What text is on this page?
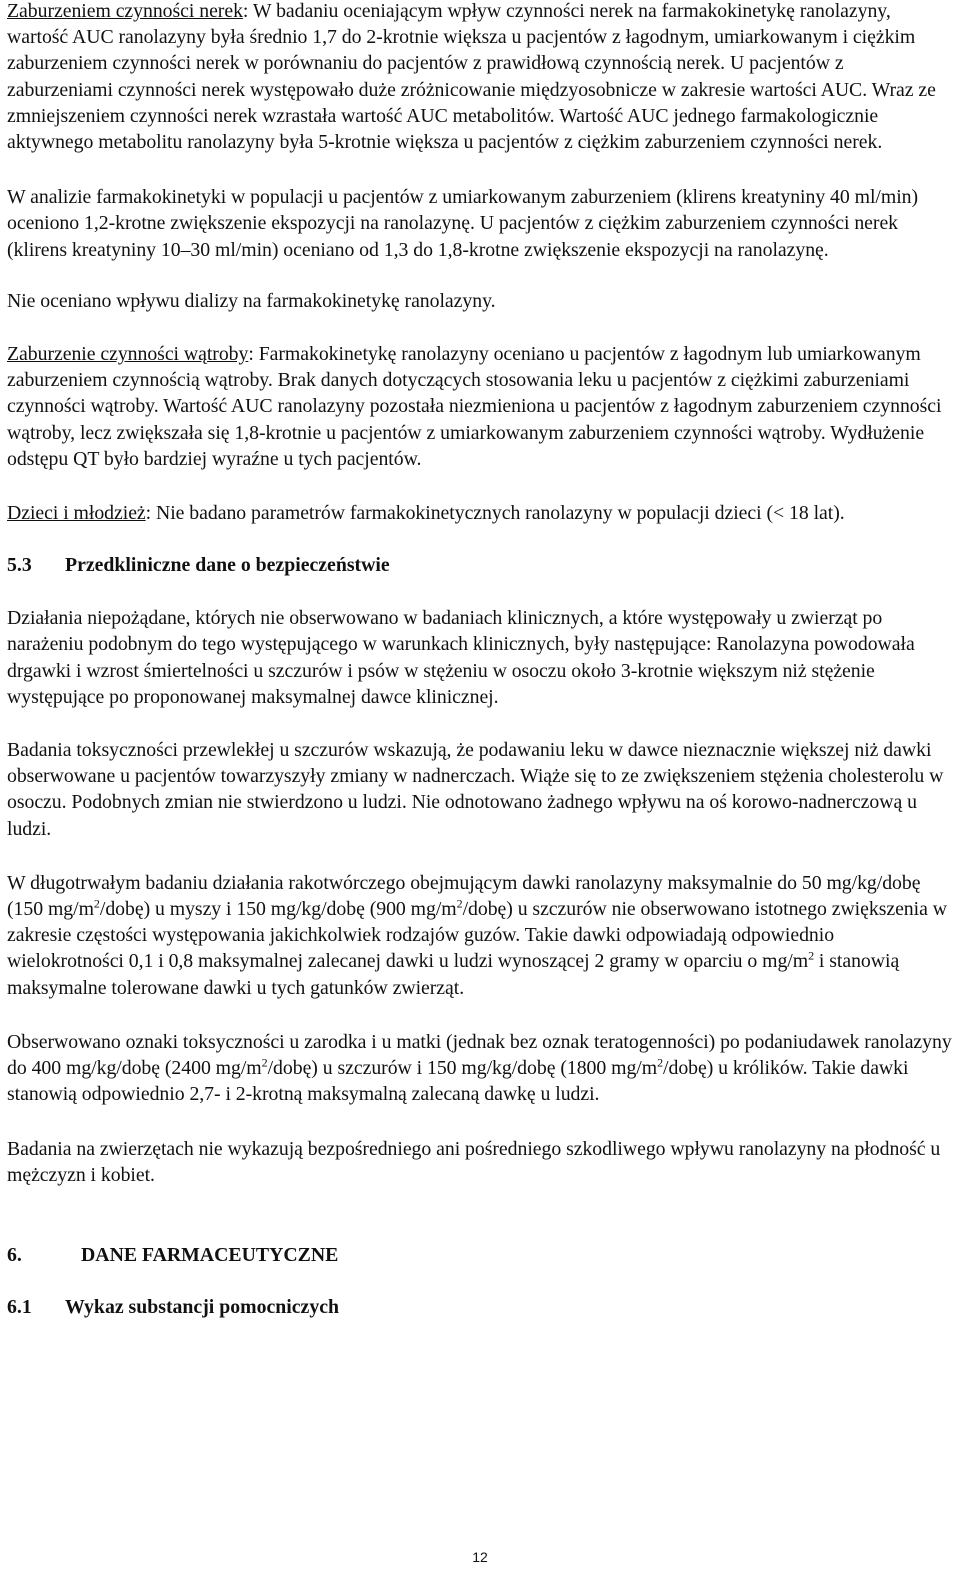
Zaburzeniem czynności nerek: W badaniu oceniającym wpływ czynności nerek na farmakokinetykę ranolazyny, wartość AUC ranolazyny była średnio 1,7 do 2-krotnie większa u pacjentów z łagodnym, umiarkowanym i ciężkim zaburzeniem czynności nerek w porównaniu do pacjentów z prawidłową czynnością nerek. U pacjentów z zaburzeniami czynności nerek występowało duże zróżnicowanie międzyosobnicze w zakresie wartości AUC. Wraz ze zmniejszeniem czynności nerek wzrastała wartość AUC metabolitów. Wartość AUC jednego farmakologicznie aktywnego metabolitu ranolazyny była 5-krotnie większa u pacjentów z ciężkim zaburzeniem czynności nerek.

W analizie farmakokinetyki w populacji u pacjentów z umiarkowanym zaburzeniem (klirens kreatyniny 40 ml/min) oceniono 1,2-krotne zwiększenie ekspozycji na ranolazynę. U pacjentów z ciężkim zaburzeniem czynności nerek (klirens kreatyniny 10–30 ml/min) oceniano od 1,3 do 1,8-krotne zwiększenie ekspozycji na ranolazynę.

Nie oceniano wpływu dializy na farmakokinetykę ranolazyny.

Zaburzenie czynności wątroby: Farmakokinetykę ranolazyny oceniano u pacjentów z łagodnym lub umiarkowanym zaburzeniem czynnością wątroby. Brak danych dotyczących stosowania leku u pacjentów z ciężkimi zaburzeniami czynności wątroby. Wartość AUC ranolazyny pozostała niezmieniona u pacjentów z łagodnym zaburzeniem czynności wątroby, lecz zwiększała się 1,8-krotnie u pacjentów z umiarkowanym zaburzeniem czynności wątroby. Wydłużenie odstępu QT było bardziej wyraźne u tych pacjentów.

Dzieci i młodzież: Nie badano parametrów farmakokinetycznych ranolazyny w populacji dzieci (< 18 lat).

5.3 Przedkliniczne dane o bezpieczeństwie

Działania niepożądane, których nie obserwowano w badaniach klinicznych, a które występowały u zwierząt po narażeniu podobnym do tego występującego w warunkach klinicznych, były następujące: Ranolazyna powodowała drgawki i wzrost śmiertelności u szczurów i psów w stężeniu w osoczu około 3-krotnie większym niż stężenie występujące po proponowanej maksymalnej dawce klinicznej.

Badania toksyczności przewlekłej u szczurów wskazują, że podawaniu leku w dawce nieznacznie większej niż dawki obserwowane u pacjentów towarzyszyły zmiany w nadnerczach. Wiąże się to ze zwiększeniem stężenia cholesterolu w osoczu. Podobnych zmian nie stwierdzono u ludzi. Nie odnotowano żadnego wpływu na oś korowo-nadnerczową u ludzi.

W długotrwałym badaniu działania rakotwórczego obejmującym dawki ranolazyny maksymalnie do 50 mg/kg/dobę (150 $mg/m^2/dobę$) u myszy i 150 mg/kg/dobę (900 $mg/m^2/dobę$) u szczurów nie obserwowano istotnego zwiększenia w zakresie częstości występowania jakichkolwiek rodzajów guzów. Takie dawki odpowiadają odpowiednio wielokrotności 0,1 i 0,8 maksymalnej zalecanej dawki u ludzi wynoszącej 2 gramy w oparciu o $mg/m^2$ i stanowią maksymalne tolerowane dawki u tych gatunków zwierząt.

Obserwowano oznaki toksyczności u zarodka i u matki (jednak bez oznak teratogenności) po podaniudawek ranolazyny do 400 mg/kg/dobę (2400 $mg/m^2/dobę$) u szczurów i 150 mg/kg/dobę (1800 $mg/m^2/dobę$) u królików. Takie dawki stanowią odpowiednio 2,7- i 2-krotną maksymalną zalecaną dawkę u ludzi.

Badania na zwierzętach nie wykazują bezpośredniego ani pośredniego szkodliwego wpływu ranolazyny na płodność u mężczyzn i kobiet.

6.	DANE FARMACEUTYCZNE
6.1 Wykaz substancji pomocniczych
12
